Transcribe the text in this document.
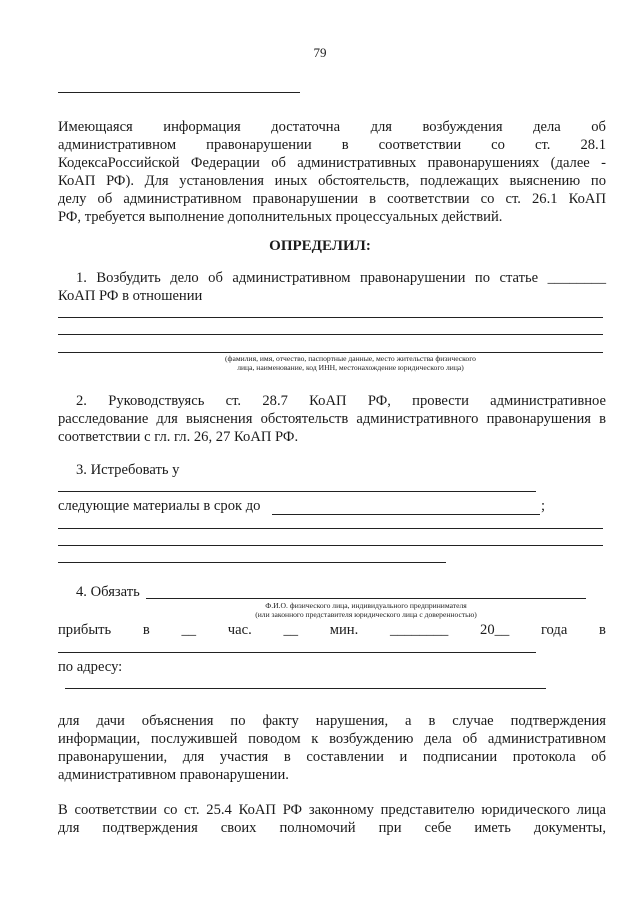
79
Имеющаяся информация достаточна для возбуждения дела об
административном правонарушении в соответствии со ст. 28.1
КодексаРоссийской Федерации об административных правонарушениях (далее -
КоАП РФ). Для установления иных обстоятельств, подлежащих выяснению по
делу об административном правонарушении в соответствии со ст. 26.1 КоАП
РФ, требуется выполнение дополнительных процессуальных действий.
ОПРЕДЕЛИЛ:
1. Возбудить дело об административном правонарушении по статье ________
КоАП РФ в отношении
(фамилия, имя, отчество, паспортные данные, место жительства физического
лица, наименование, код ИНН, местонахождение юридического лица)
2. Руководствуясь ст. 28.7 КоАП РФ, провести административное
расследование для выяснения обстоятельств административного правонарушения в
соответствии с гл. гл. 26, 27 КоАП РФ.
3. Истребовать у
следующие материалы в срок до	;
4. Обязать
Ф.И.О. физического лица, индивидуального предпринимателя
(или законного представителя юридического лица с доверенностью)
прибыть в __ час. __ мин. ________ 20__ года в
по адресу:
для дачи объяснения по факту нарушения, а в случае подтверждения
информации, послужившей поводом к возбуждению дела об административном
правонарушении, для участия в составлении и подписании протокола об
административном правонарушении.
В соответствии со ст. 25.4 КоАП РФ законному представителю юридического лица
для подтверждения своих полномочий при себе иметь документы,
